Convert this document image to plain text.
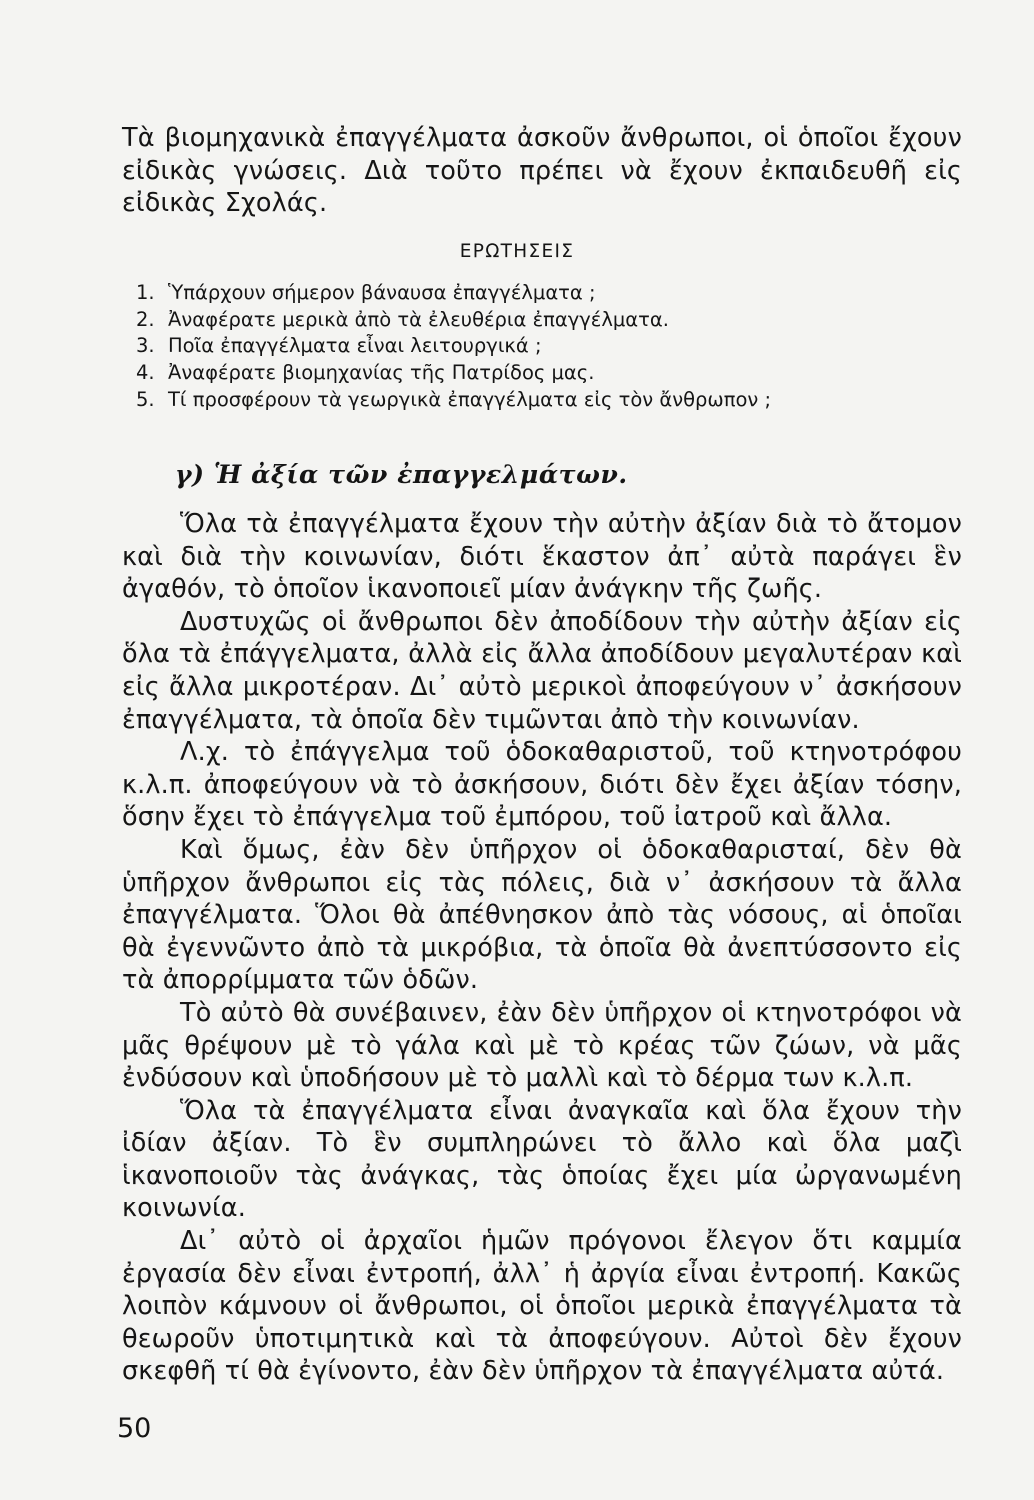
Τὰ βιομηχανικὰ ἐπαγγέλματα ἀσκοῦν ἄνθρωποι, οἱ ὁποῖοι ἔχουν εἰδικὰς γνώσεις. Διὰ τοῦτο πρέπει νὰ ἔχουν ἐκπαιδευθῆ εἰς εἰδικὰς Σχολάς.

ΕΡΩΤΗΣΕΙΣ

1. Ὑπάρχουν σήμερον βάναυσα ἐπαγγέλματα ;
2. Ἀναφέρατε μερικὰ ἀπὸ τὰ ἐλευθέρια ἐπαγγέλματα.
3. Ποῖα ἐπαγγέλματα εἶναι λειτουργικά ;
4. Ἀναφέρατε βιομηχανίας τῆς Πατρίδος μας.
5. Τί προσφέρουν τὰ γεωργικὰ ἐπαγγέλματα εἰς τὸν ἄνθρωπον ;
γ) Ἡ ἀξία τῶν ἐπαγγελμάτων.

Ὅλα τὰ ἐπαγγέλματα ἔχουν τὴν αὐτὴν ἀξίαν διὰ τὸ ἄτομον καὶ διὰ τὴν κοινωνίαν, διότι ἕκαστον ἀπ᾽ αὐτὰ παράγει ἓν ἀγαθόν, τὸ ὁποῖον ἱκανοποιεῖ μίαν ἀνάγκην τῆς ζωῆς.

Δυστυχῶς οἱ ἄνθρωποι δὲν ἀποδίδουν τὴν αὐτὴν ἀξίαν εἰς ὅλα τὰ ἐπάγγελματα, ἀλλὰ εἰς ἄλλα ἀποδίδουν μεγαλυτέραν καὶ εἰς ἄλλα μικροτέραν. Δι᾽ αὐτὸ μερικοὶ ἀποφεύγουν ν᾽ ἀσκήσουν ἐπαγγέλματα, τὰ ὁποῖα δὲν τιμῶνται ἀπὸ τὴν κοινωνίαν.

Λ.χ. τὸ ἐπάγγελμα τοῦ ὁδοκαθαριστοῦ, τοῦ κτηνοτρόφου κ.λ.π. ἀποφεύγουν νὰ τὸ ἀσκήσουν, διότι δὲν ἔχει ἀξίαν τόσην, ὅσην ἔχει τὸ ἐπάγγελμα τοῦ ἐμπόρου, τοῦ ἰατροῦ καὶ ἄλλα.

Καὶ ὅμως, ἐὰν δὲν ὑπῆρχον οἱ ὁδοκαθαρισταί, δὲν θὰ ὑπῆρχον ἄνθρωποι εἰς τὰς πόλεις, διὰ ν᾽ ἀσκήσουν τὰ ἄλλα ἐπαγγέλματα. Ὅλοι θὰ ἀπέθνησκον ἀπὸ τὰς νόσους, αἱ ὁποῖαι θὰ ἐγεννῶντο ἀπὸ τὰ μικρόβια, τὰ ὁποῖα θὰ ἀνεπτύσσοντο εἰς τὰ ἀπορρίμματα τῶν ὁδῶν.

Τὸ αὐτὸ θὰ συνέβαινεν, ἐὰν δὲν ὑπῆρχον οἱ κτηνοτρόφοι νὰ μᾶς θρέψουν μὲ τὸ γάλα καὶ μὲ τὸ κρέας τῶν ζώων, νὰ μᾶς ἐνδύσουν καὶ ὑποδήσουν μὲ τὸ μαλλὶ καὶ τὸ δέρμα των κ.λ.π.

Ὅλα τὰ ἐπαγγέλματα εἶναι ἀναγκαῖα καὶ ὅλα ἔχουν τὴν ἰδίαν ἀξίαν. Τὸ ἓν συμπληρώνει τὸ ἄλλο καὶ ὅλα μαζὶ ἱκανοποιοῦν τὰς ἀνάγκας, τὰς ὁποίας ἔχει μία ὠργανωμένη κοινωνία.

Δι᾽ αὐτὸ οἱ ἀρχαῖοι ἡμῶν πρόγονοι ἔλεγον ὅτι καμμία ἐργασία δὲν εἶναι ἐντροπή, ἀλλ᾽ ἡ ἀργία εἶναι ἐντροπή. Κακῶς λοιπὸν κάμνουν οἱ ἄνθρωποι, οἱ ὁποῖοι μερικὰ ἐπαγγέλματα τὰ θεωροῦν ὑποτιμητικὰ καὶ τὰ ἀποφεύγουν. Αὐτοὶ δὲν ἔχουν σκεφθῆ τί θὰ ἐγίνοντο, ἐὰν δὲν ὑπῆρχον τὰ ἐπαγγέλματα αὐτά.

50
